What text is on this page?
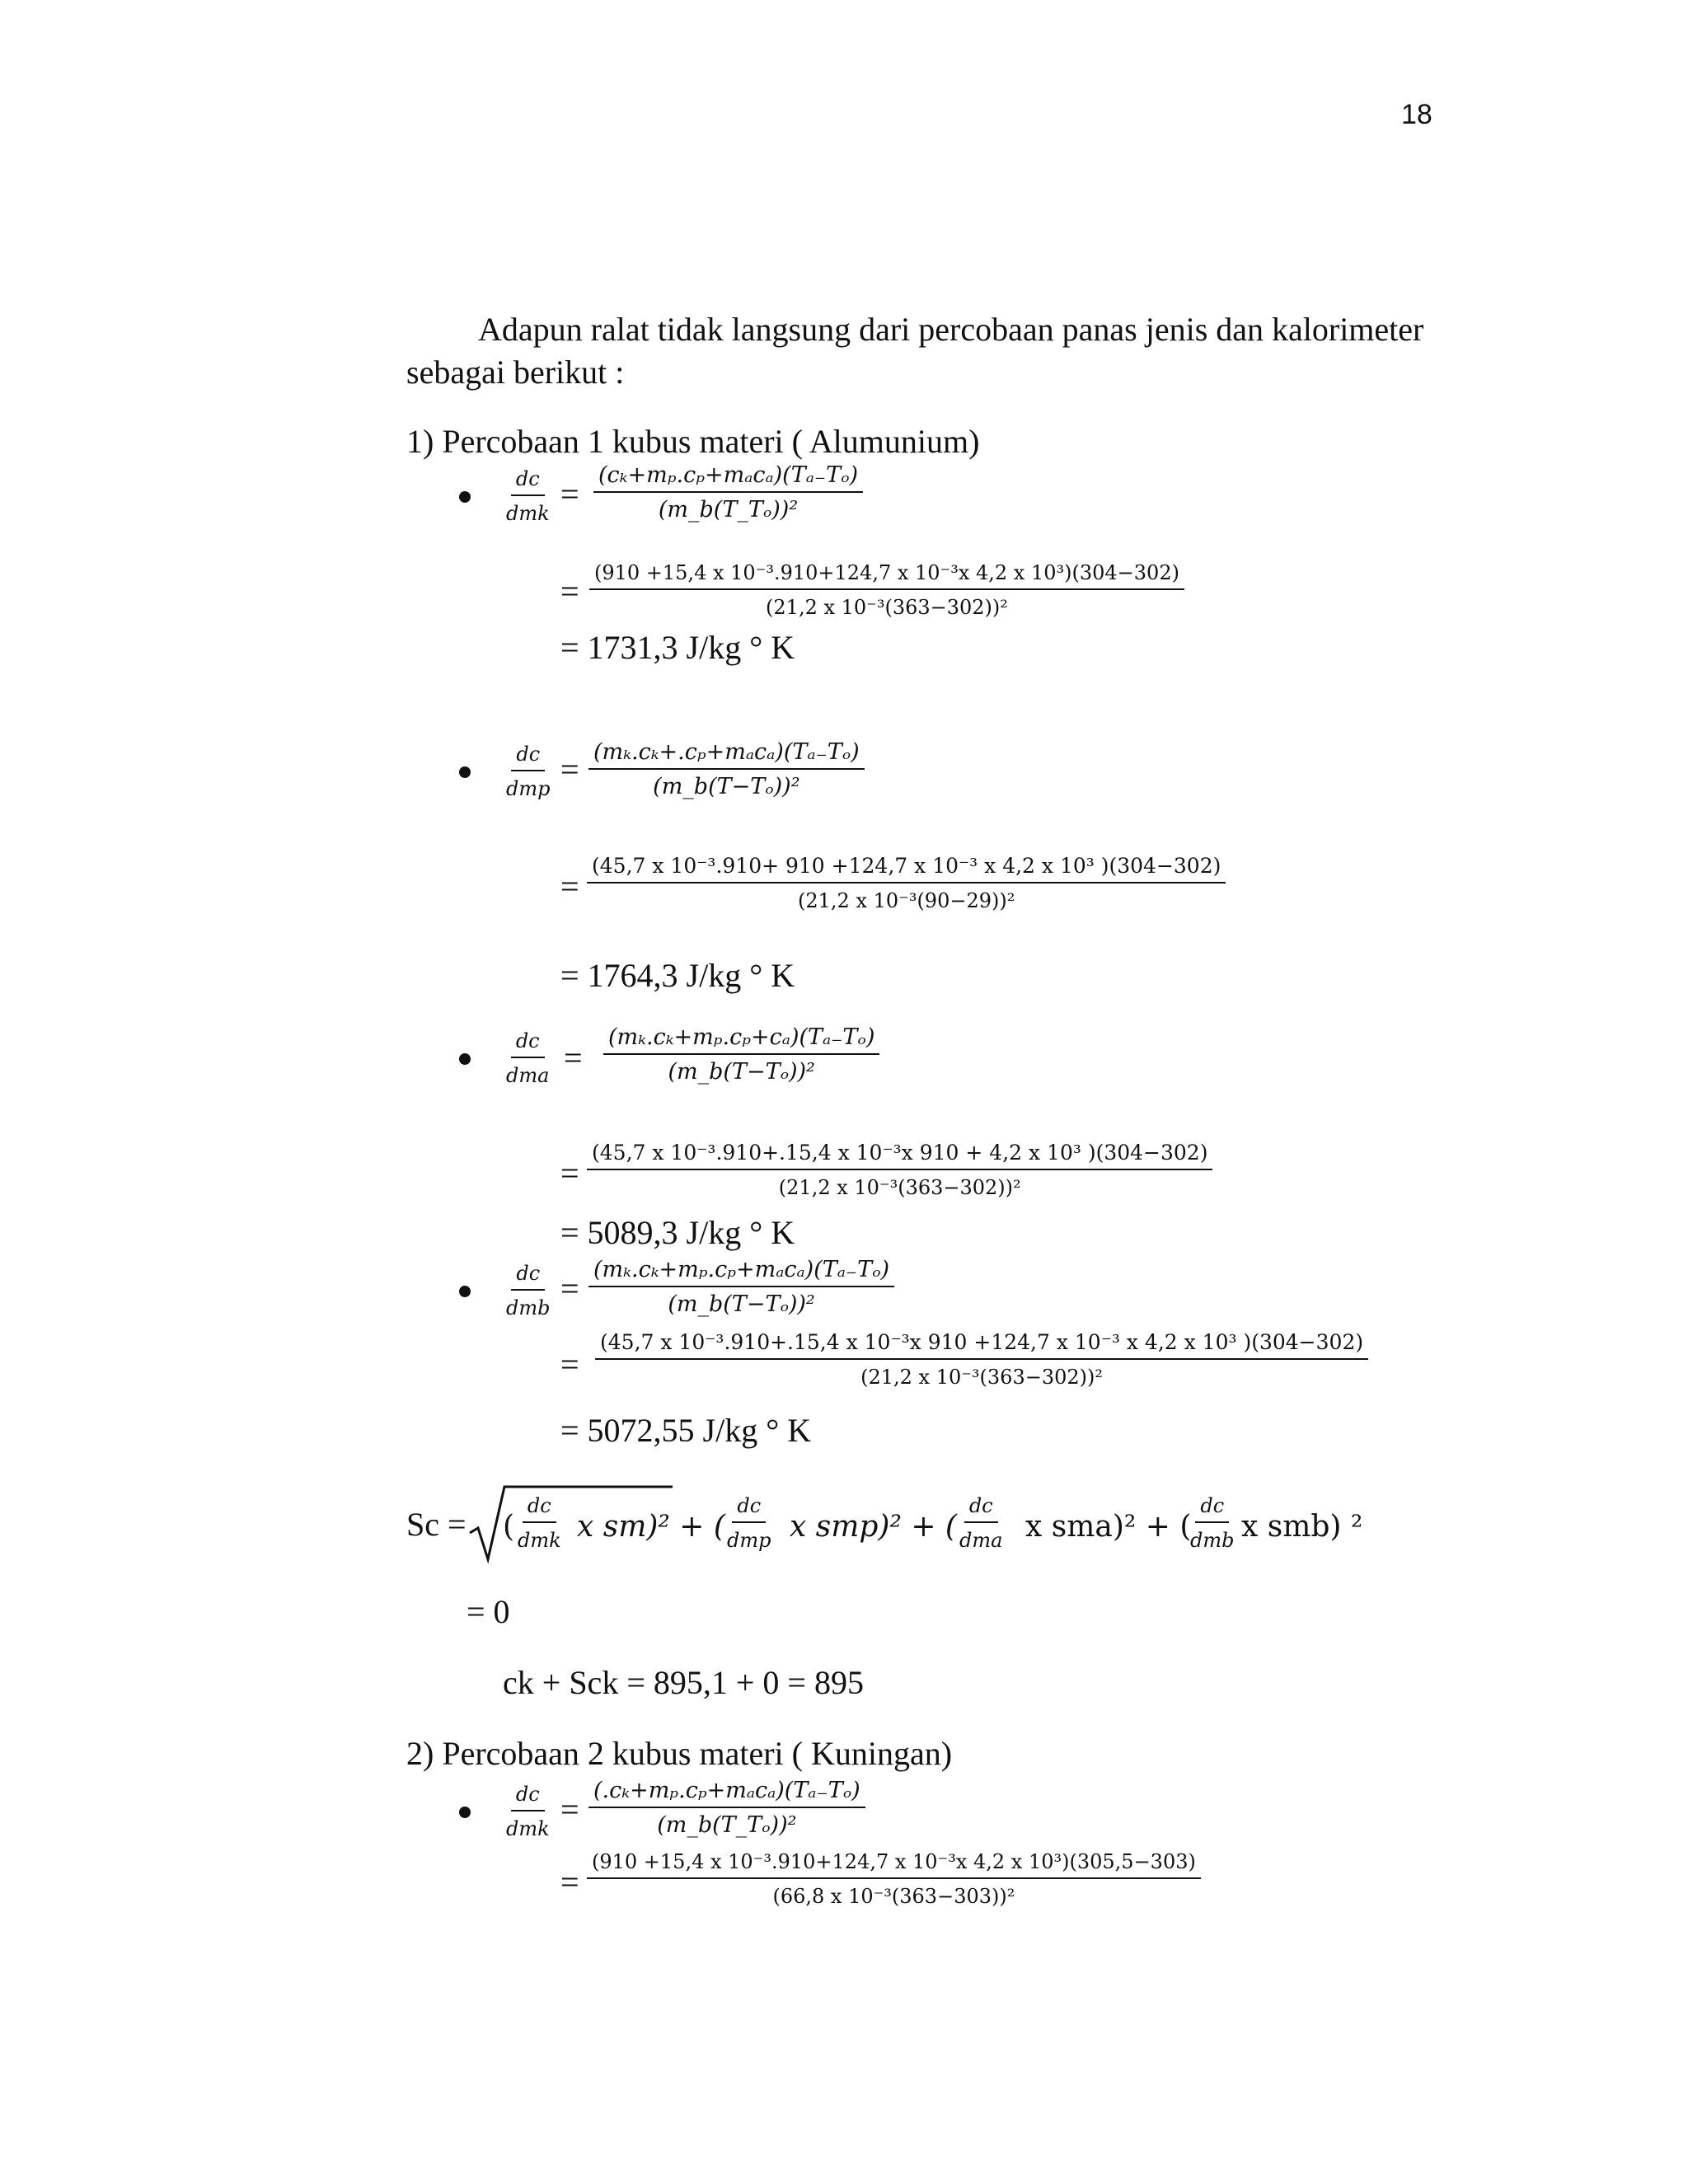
18
Adapun ralat tidak langsung dari percobaan panas jenis dan kalorimeter
sebagai berikut :
1) Percobaan 1 kubus materi ( Alumunium)
dc
dmk
=
(cₖ+mₚ.cₚ+mₐcₐ)(Tₐ₋Tₒ)
(m_b(T_Tₒ))²
= $\frac{\text{(910 +15,4 x 10⁻³.910+124,7 x 10⁻³x 4,2 x 10³)(304−302)}}{\text{(21,2 x 10⁻³(363−302))²}}$
= 1731,3 J/kg ° K
dc
dmp
= (mₖ.cₖ+.cₚ+mₐcₐ)(Tₐ₋Tₒ)
(m_b(T−Tₒ))²
= $\frac{\text{(45,7 x 10⁻³.910+ 910 +124,7 x 10⁻³ x 4,2 x 10³ )(304−302)}}{\text{(21,2 x 10⁻³(90−29))²}}$
= 1764,3 J/kg ° K
dc
dma = $\frac{\text{(mₖ.cₖ+mₚ.cₚ+cₐ)(Tₐ₋Tₒ)}}{\text{(m\_b(T−Tₒ))²}}$
= $\frac{\text{(45,7 x 10⁻³.910+.15,4 x 10⁻³x 910 + 4,2 x 10³ )(304−302)}}{\text{(21,2 x 10⁻³(363−302))²}}$
= 5089,3 J/kg ° K
dc
dmb
=
(mₖ.cₖ+mₚ.cₚ+mₐcₐ)(Tₐ₋Tₒ)
(m_b(T−Tₒ))²
=
(45,7 x 10⁻³.910+.15,4 x 10⁻³x 910 +124,7 x 10⁻³ x 4,2 x 10³ )(304−302)
(21,2 x 10⁻³(363−302))²
= 5072,55 J/kg ° K
Sc = (
dc
dmk x sm)² + (
dc
dmp x smp)² + (
dc
dma x sma)² + (
dc
dmb x smb) ²
= 0
ck + Sck = 895,1 + 0 = 895
2) Percobaan 2 kubus materi ( Kuningan)
dc
dmk
=
(.cₖ+mₚ.cₚ+mₐcₐ)(Tₐ₋Tₒ)
(m_b(T_Tₒ))²
= $\frac{\text{(910 +15,4 x 10⁻³.910+124,7 x 10⁻³x 4,2 x 10³)(305,5−303)}}{\text{(66,8 x 10⁻³(363−303))²}}$
